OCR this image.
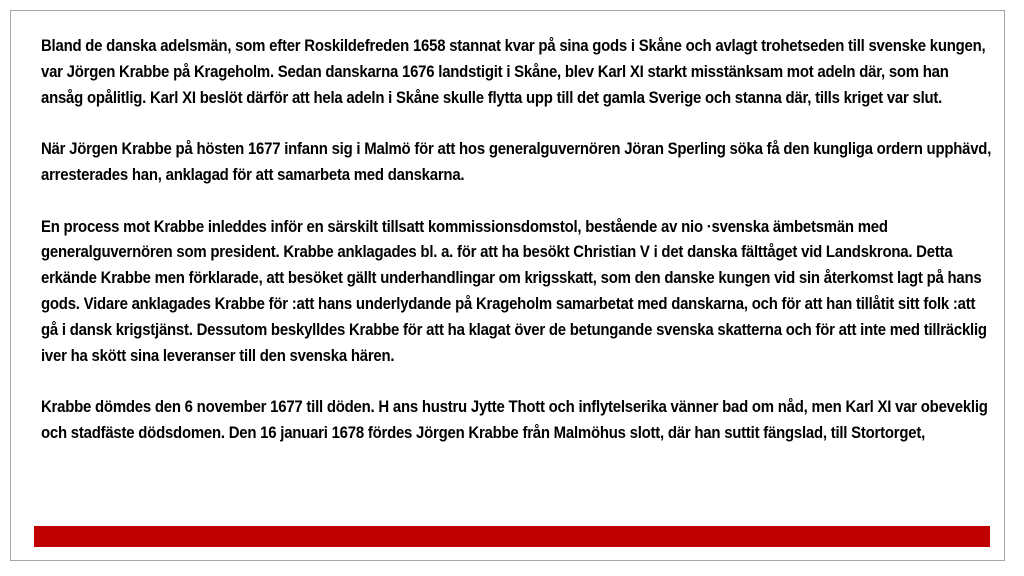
Bland de danska adelsmän, som efter Roskildefreden 1658 stannat kvar på sina gods i Skåne och avlagt trohetseden till svenske kungen, var Jörgen Krabbe på Krageholm. Sedan danskarna 1676 landstigit i Skåne, blev Karl XI starkt misstänksam mot adeln där, som han ansåg opålitlig. Karl XI beslöt därför att hela adeln i Skåne skulle flytta upp till det gamla Sverige och stanna där, tills kriget var slut.

När Jörgen Krabbe på hösten 1677 infann sig i Malmö för att hos generalguvernören Jöran Sperling söka få den kungliga ordern upphävd, arresterades han, anklagad för att samarbeta med danskarna.

En process mot Krabbe inleddes inför en särskilt tillsatt kommissionsdomstol, bestående av nio ·svenska ämbetsmän med generalguvernören som president. Krabbe anklagades bl. a. för att ha besökt Christian V i det danska fälttåget vid Landskrona. Detta erkände Krabbe men förklarade, att besöket gällt underhandlingar om krigsskatt, som den danske kungen vid sin återkomst lagt på hans gods. Vidare anklagades Krabbe för :att hans underlydande på Krageholm samarbetat med danskarna, och för att han tillåtit sitt folk :att gå i dansk krigstjänst. Dessutom beskylldes Krabbe för att ha klagat över de betungande svenska skatterna och för att inte med tillräcklig iver ha skött sina leveranser till den svenska hären.

Krabbe dömdes den 6 november 1677 till döden. H ans hustru Jytte Thott och inflytelserika vänner bad om nåd, men Karl XI var obeveklig och stadfäste dödsdomen. Den 16 januari 1678 fördes Jörgen Krabbe från Malmöhus slott, där han suttit fängslad, till Stortorget,
